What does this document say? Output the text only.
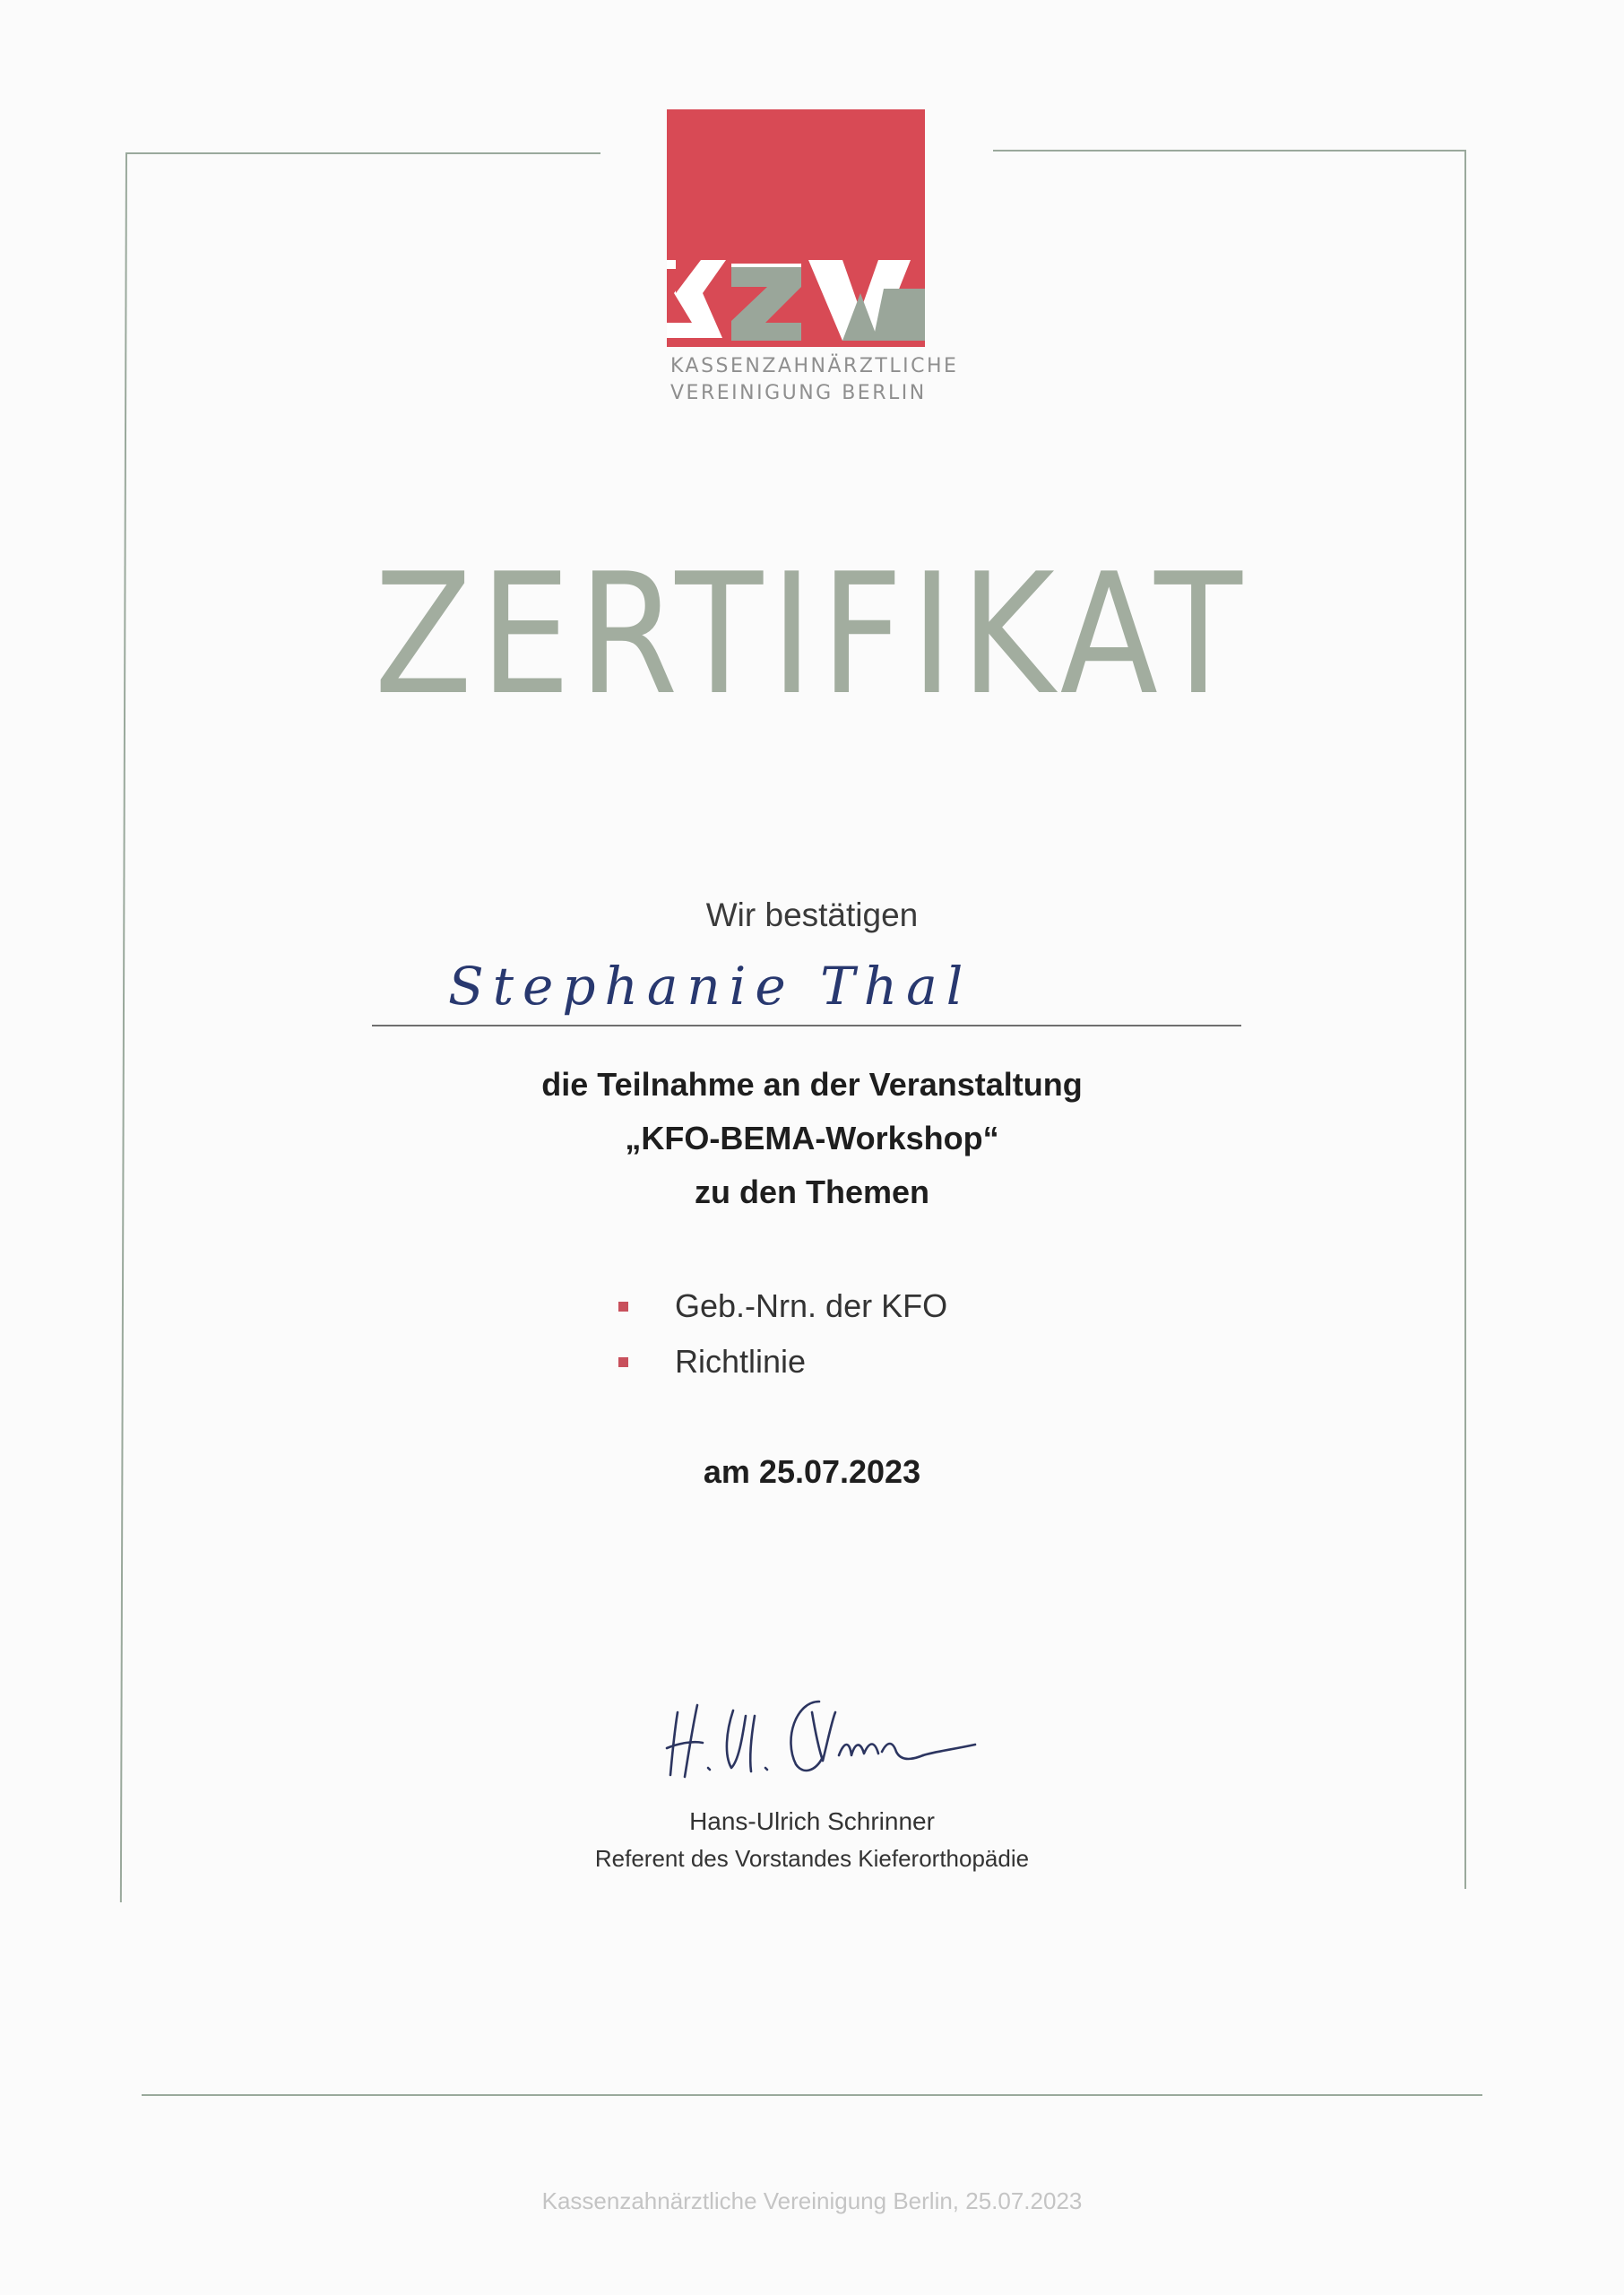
KASSENZAHNÄRZTLICHE
VEREINIGUNG BERLIN
ZERTIFIKAT
Wir bestätigen
Stephanie Thal
die Teilnahme an der Veranstaltung
„KFO-BEMA-Workshop“
zu den Themen
Geb.-Nrn. der KFO
Richtlinie
am 25.07.2023
Hans-Ulrich Schrinner
Referent des Vorstandes Kieferorthopädie
Kassenzahnärztliche Vereinigung Berlin, 25.07.2023
